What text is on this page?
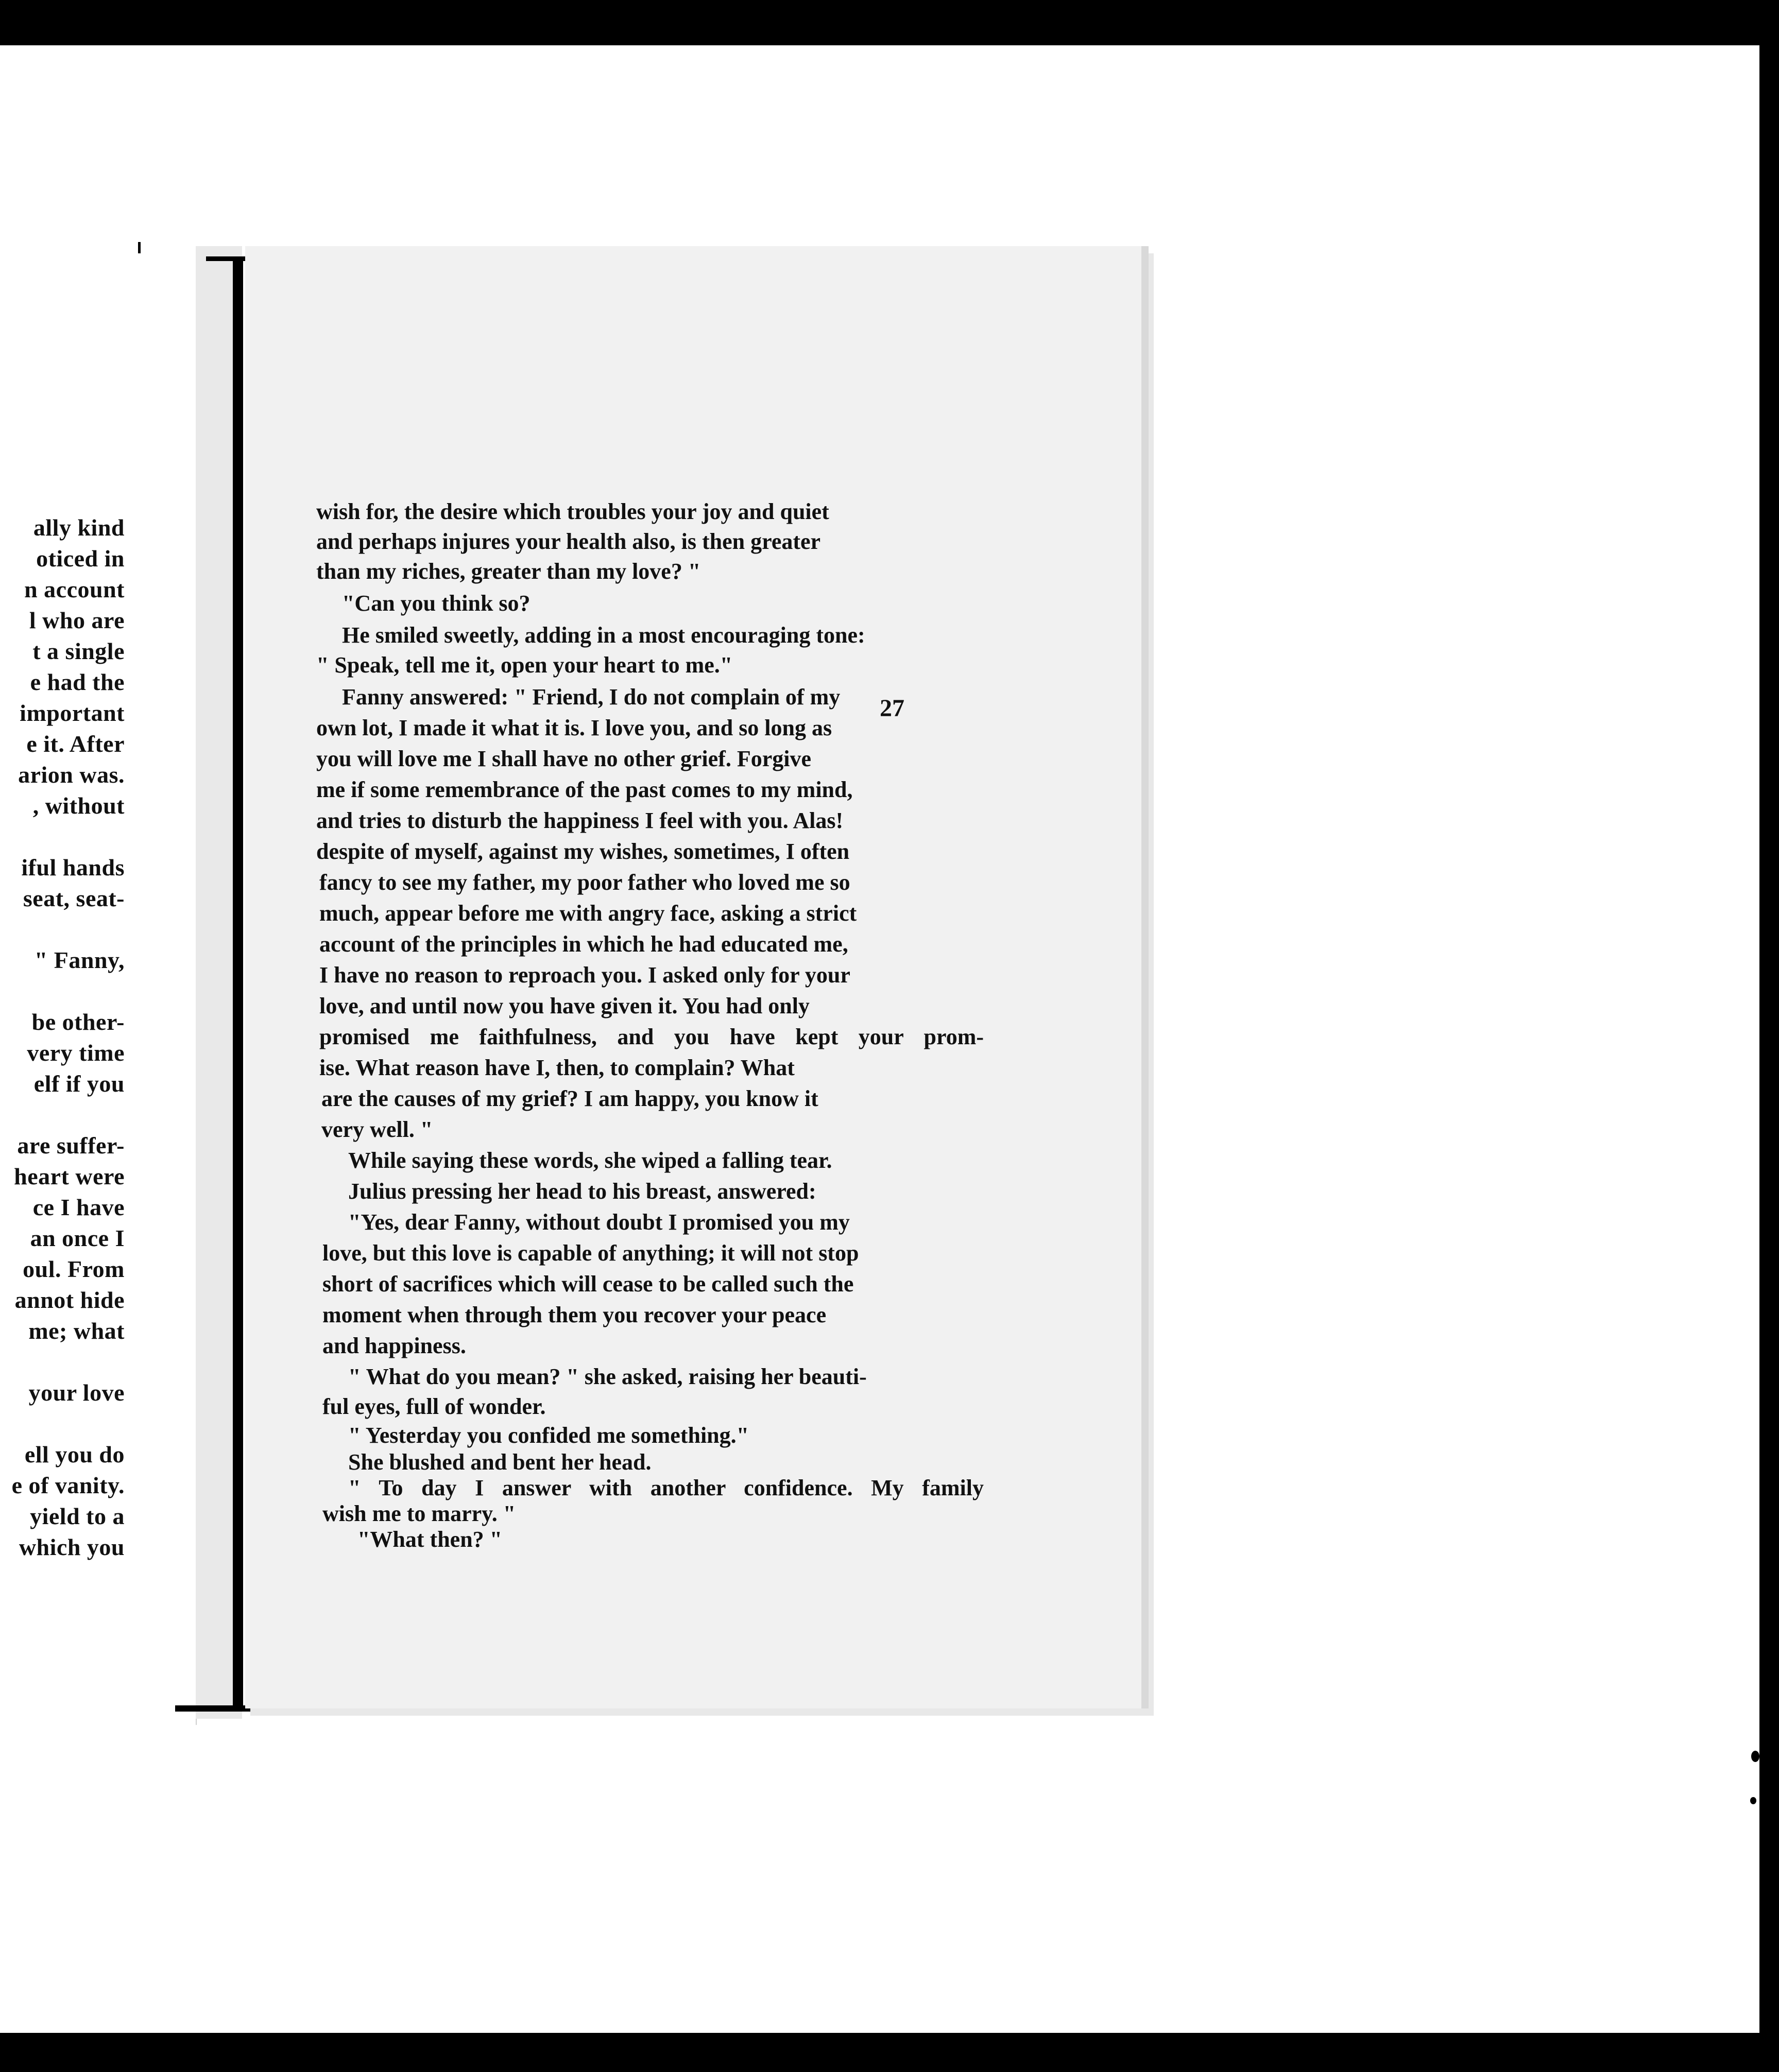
ally kind
oticed in
n account
l who are
t a single
e had the
important
e it. After
arion was.
, without
iful hands
seat, seat-
" Fanny,
be other-
very time
elf if you
are suffer-
heart were
ce I have
an once I
oul. From
annot hide
me; what
your love
ell you do
e of vanity.
yield to a
which you
27
wish for, the desire which troubles your joy and quiet
and perhaps injures your health also, is then greater
than my riches, greater than my love? "
"Can you think so?
He smiled sweetly, adding in a most encouraging tone:
" Speak, tell me it, open your heart to me."
Fanny answered: " Friend, I do not complain of my
own lot, I made it what it is. I love you, and so long as
you will love me I shall have no other grief. Forgive
me if some remembrance of the past comes to my mind,
and tries to disturb the happiness I feel with you. Alas!
despite of myself, against my wishes, sometimes, I often
fancy to see my father, my poor father who loved me so
much, appear before me with angry face, asking a strict
account of the principles in which he had educated me,
I have no reason to reproach you. I asked only for your
love, and until now you have given it. You had only
promised me faithfulness, and you have kept your prom-
ise. What reason have I, then, to complain? What
are the causes of my grief? I am happy, you know it
very well. "
While saying these words, she wiped a falling tear.
Julius pressing her head to his breast, answered:
"Yes, dear Fanny, without doubt I promised you my
love, but this love is capable of anything; it will not stop
short of sacrifices which will cease to be called such the
moment when through them you recover your peace
and happiness.
" What do you mean? " she asked, raising her beauti-
ful eyes, full of wonder.
" Yesterday you confided me something."
She blushed and bent her head.
" To day I answer with another confidence. My family
wish me to marry. "
"What then? "
